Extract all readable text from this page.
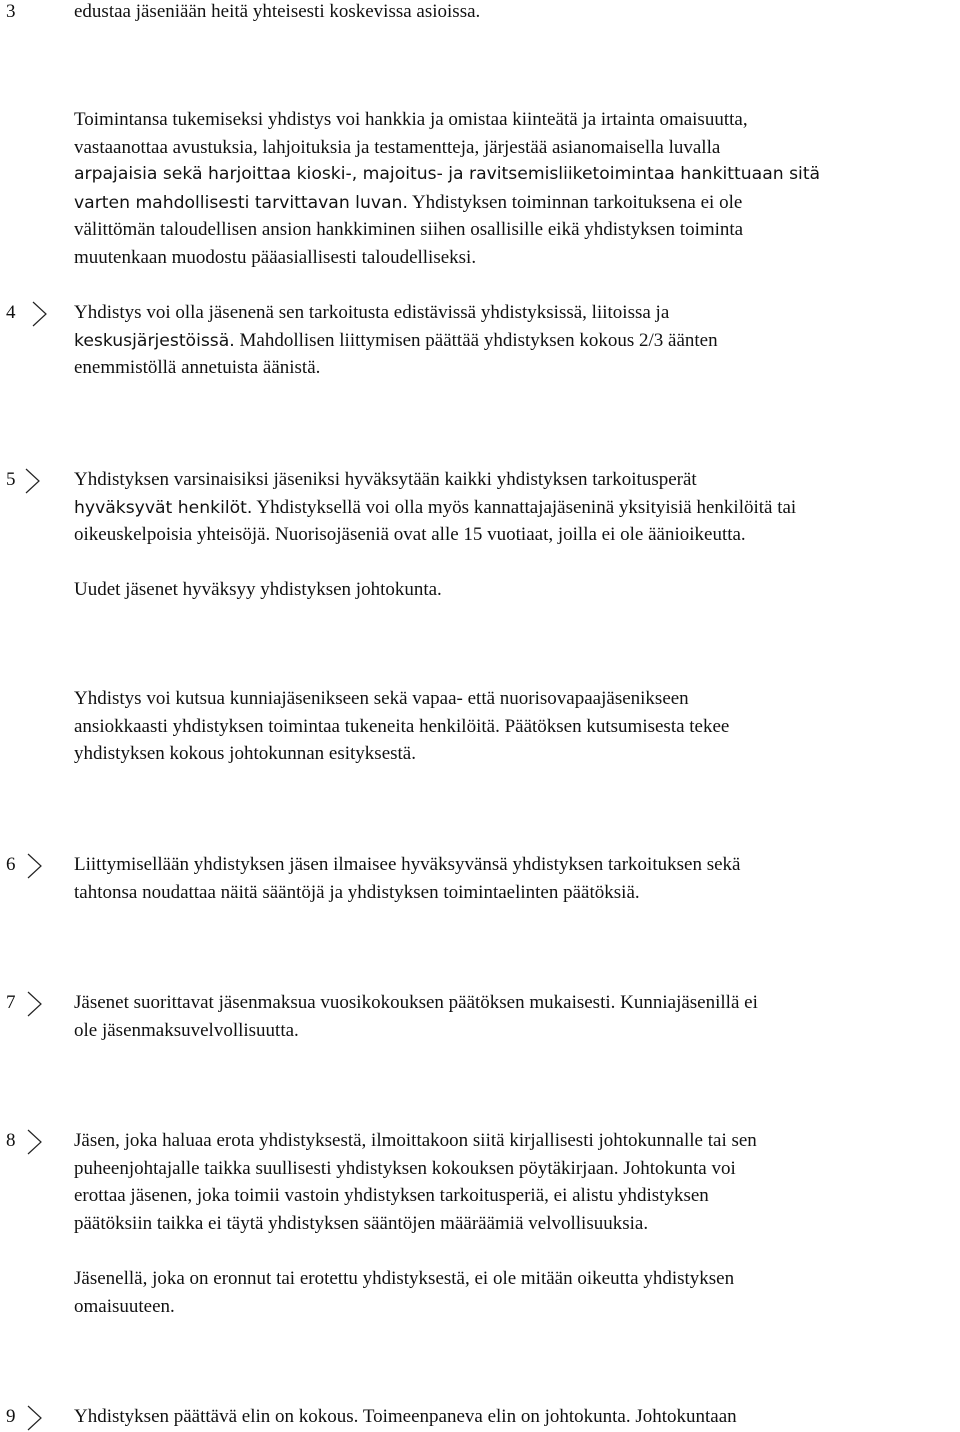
3	edustaa jäseniään heitä yhteisesti koskevissa asioissa.
Toimintansa tukemiseksi yhdistys voi hankkia ja omistaa kiinteätä ja irtainta omaisuutta,
vastaanottaa avustuksia, lahjoituksia ja testamentteja, järjestää asianomaisella luvalla
arpajaisia sekä harjoittaa kioski-, majoitus- ja ravitsemisliiketoimintaa hankittuaan sitä
varten mahdollisesti tarvittavan luvan. Yhdistyksen toiminnan tarkoituksena ei ole
välittömän taloudellisen ansion hankkiminen siihen osallisille eikä yhdistyksen toiminta
muutenkaan muodostu pääasiallisesti taloudelliseksi.
4	Yhdistys voi olla jäsenenä sen tarkoitusta edistävissä yhdistyksissä, liitoissa ja
keskusjärjestöissä. Mahdollisen liittymisen päättää yhdistyksen kokous 2/3 äänten
enemmistöllä annetuista äänistä.
5	Yhdistyksen varsinaisiksi jäseniksi hyväksytään kaikki yhdistyksen tarkoitusperät
hyväksyvät henkilöt. Yhdistyksellä voi olla myös kannattajajäseninä yksityisiä henkilöitä tai
oikeuskelpoisia yhteisöjä. Nuorisojäseniä ovat alle 15 vuotiaat, joilla ei ole äänioikeutta.
Uudet jäsenet hyväksyy yhdistyksen johtokunta.
Yhdistys voi kutsua kunniajäsenikseen sekä vapaa- että nuorisovapaajäsenikseen
ansiokkaasti yhdistyksen toimintaa tukeneita henkilöitä. Päätöksen kutsumisesta tekee
yhdistyksen kokous johtokunnan esityksestä.
6	Liittymisellään yhdistyksen jäsen ilmaisee hyväksyvänsä yhdistyksen tarkoituksen sekä
tahtonsa noudattaa näitä sääntöjä ja yhdistyksen toimintaelinten päätöksiä.
7	Jäsenet suorittavat jäsenmaksua vuosikokouksen päätöksen mukaisesti. Kunniajäsenillä ei
ole jäsenmaksuvelvollisuutta.
8	Jäsen, joka haluaa erota yhdistyksestä, ilmoittakoon siitä kirjallisesti johtokunnalle tai sen
puheenjohtajalle taikka suullisesti yhdistyksen kokouksen pöytäkirjaan. Johtokunta voi
erottaa jäsenen, joka toimii vastoin yhdistyksen tarkoitusperiä, ei alistu yhdistyksen
päätöksiin taikka ei täytä yhdistyksen sääntöjen määräämiä velvollisuuksia.
Jäsenellä, joka on eronnut tai erotettu yhdistyksestä, ei ole mitään oikeutta yhdistyksen
omaisuuteen.
9	Yhdistyksen päättävä elin on kokous. Toimeenpaneva elin on johtokunta. Johtokuntaan
